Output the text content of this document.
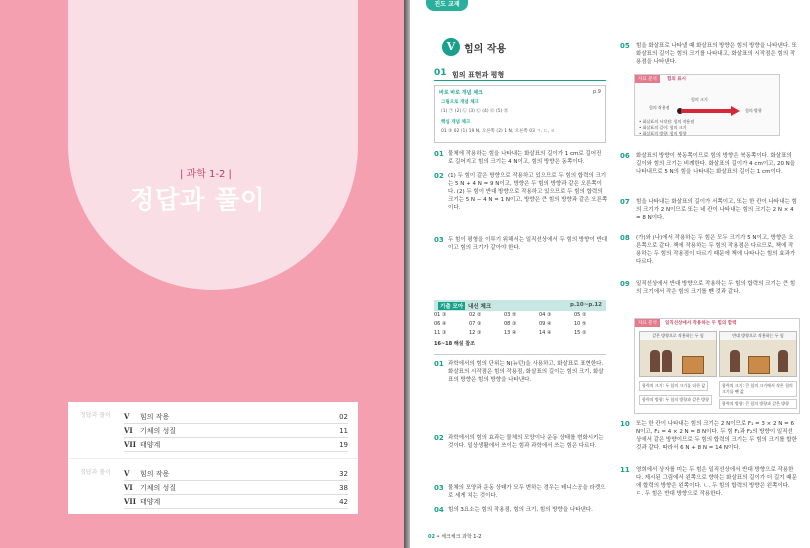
| 과학 1-2 |
정답과 풀이
정답과 풀이 V	힘의 작용	02
VI	기체의 성질	11
VII 태양계	19
정답과 풀이 V	힘의 작용	32
VI	기체의 성질	38
VII 태양계	42
진도 교재
V 힘의 작용
01 힘의 표현과 평형
바로 바로 개념 체크	p.9
그림으로 개념 체크
(1) ㉠ (2) ㉡ (3) ㉢ (4) ㉣ (5) ㉤
핵심 개념 체크
01 ③ 02 (1) 19 N, 오른쪽 (2) 1 N, 오른쪽 03 ㄱ, ㄷ, ㄹ
01 물체에 작용하는 힘을 나타내는 화살표의 길이가 1 cm로 길어진 로 길어지고 힘의 크기는 4 N이고, 힘의 방향은 동쪽이다.
02 (1) 두 힘이 같은 방향으로 작용하고 있으므로 두 힘의 합력의 크기는 5 N + 4 N = 9 N이고, 방향은 두 힘의 방향과 같은 오른쪽이다. (2) 두 힘이 반대 방향으로 작용하고 있으므로 두 힘의 합력의 크기는 5 N − 4 N = 1 N이고, 방향은 큰 힘의 방향과 같은 오른쪽이다.
03 두 힘이 평형을 이루기 위해서는 일직선상에서 두 힘의 방향이 반대이고 힘의 크기가 같아야 한다.
기출 모아 내신 체크	p.10~p.12
01 ③	02 ②	03 ⑤	04 ③	05 ②
06 ④	07 ③	08 ③	09 ④	10 ⑤
11 ③	12 ③	13 ④	14 ④	15 ②
16~18 해설 참조
01 과학에서의 힘의 단위는 N(뉴턴)을 사용하고, 화살표로 표현한다. 화살표의 시작점은 힘의 작용점, 화살표의 길이는 힘의 크기, 화살표의 방향은 힘의 방향을 나타낸다.
02 과학에서의 힘의 효과는 물체의 모양이나 운동 상태를 변화시키는 것이다. 일상생활에서 쓰이는 힘과 과학에서 쓰는 힘은 다르다.
03 물체의 모양과 운동 상태가 모두 변하는 경우는 테니스공을 라켓으로 세게 치는 것이다.
04 힘의 3요소는 힘의 작용점, 힘의 크기, 힘의 방향을 나타낸다.
05 힘을 화살표로 나타낼 때 화살표의 방향은 힘의 방향을 나타낸다. 또 화살표의 길이는 힘의 크기를 나타내고, 화살표의 시작점은 힘의 작용점을 나타낸다.
자료 분석	힘의 표시
힘의 크기
힘의 작용점
힘의 방향
• 화살표의 시작점: 힘의 작용점
• 화살표의 길이: 힘의 크기
• 화살표의 방향: 힘의 방향
06 화살표의 방향이 북동쪽이므로 힘의 방향은 북동쪽이다. 화살표의 길이와 힘의 크기는 비례한다. 화살표의 길이가 4 cm이고, 20 N을 나타내므로 5 N의 힘을 나타내는 화살표의 길이는 1 cm이다.
07 힘을 나타내는 화살표의 길이가 서쪽이고, 또는 한 칸이 나타내는 힘의 크기가 2 N이므로 또는 네 칸이 나타내는 힘의 크기는 2 N × 4 = 8 N이다.
08 (가)와 (나)에서 작용하는 두 힘은 모두 크기가 5 N이고, 방향은 오른쪽으로 같다. 책에 작용하는 두 힘의 작용점은 다르므로, 책에 작용하는 두 힘의 작용점이 다르기 때문에 책에 나타나는 힘의 효과가 다르다.
09 일직선상에서 반대 방향으로 작용하는 두 힘의 합력의 크기는 큰 힘의 크기에서 작은 힘의 크기를 뺀 것과 같다.
자료 분석	일직선상에서 작용하는 두 힘의 합력
같은 방향으로 작용하는 두 힘	반대 방향으로 작용하는 두 힘
합력의 크기: 두 힘의 크기를 더한 값
합력의 방향: 두 힘의 방향과 같은 방향
합력의 크기: 큰 힘의 크기에서 작은 힘의 크기를 뺀 값
합력의 방향: 큰 힘의 방향과 같은 방향
10 또는 한 칸이 나타내는 힘의 크기는 2 N이므로 F₁ = 3 × 2 N = 6 N이고, F₂ = 4 × 2 N = 8 N이다. 두 힘 F₁과 F₂의 방향이 일직선상에서 같은 방향이므로 두 힘의 합력의 크기는 두 힘의 크기를 합한 것과 같다. 따라서 6 N + 8 N = 14 N이다.
11 영희에서 상자를 미는 두 힘은 일직선상에서 반대 방향으로 작용한다. 제시된 그림에서 왼쪽으로 향하는 화살표의 길이가 더 길기 때문에 합력의 방향은 왼쪽이다. ㄴ. 두 힘의 합력의 방향은 왼쪽이다. ㄷ. 두 힘은 반대 방향으로 작용한다.
02 • 체크체크 과학 1-2
